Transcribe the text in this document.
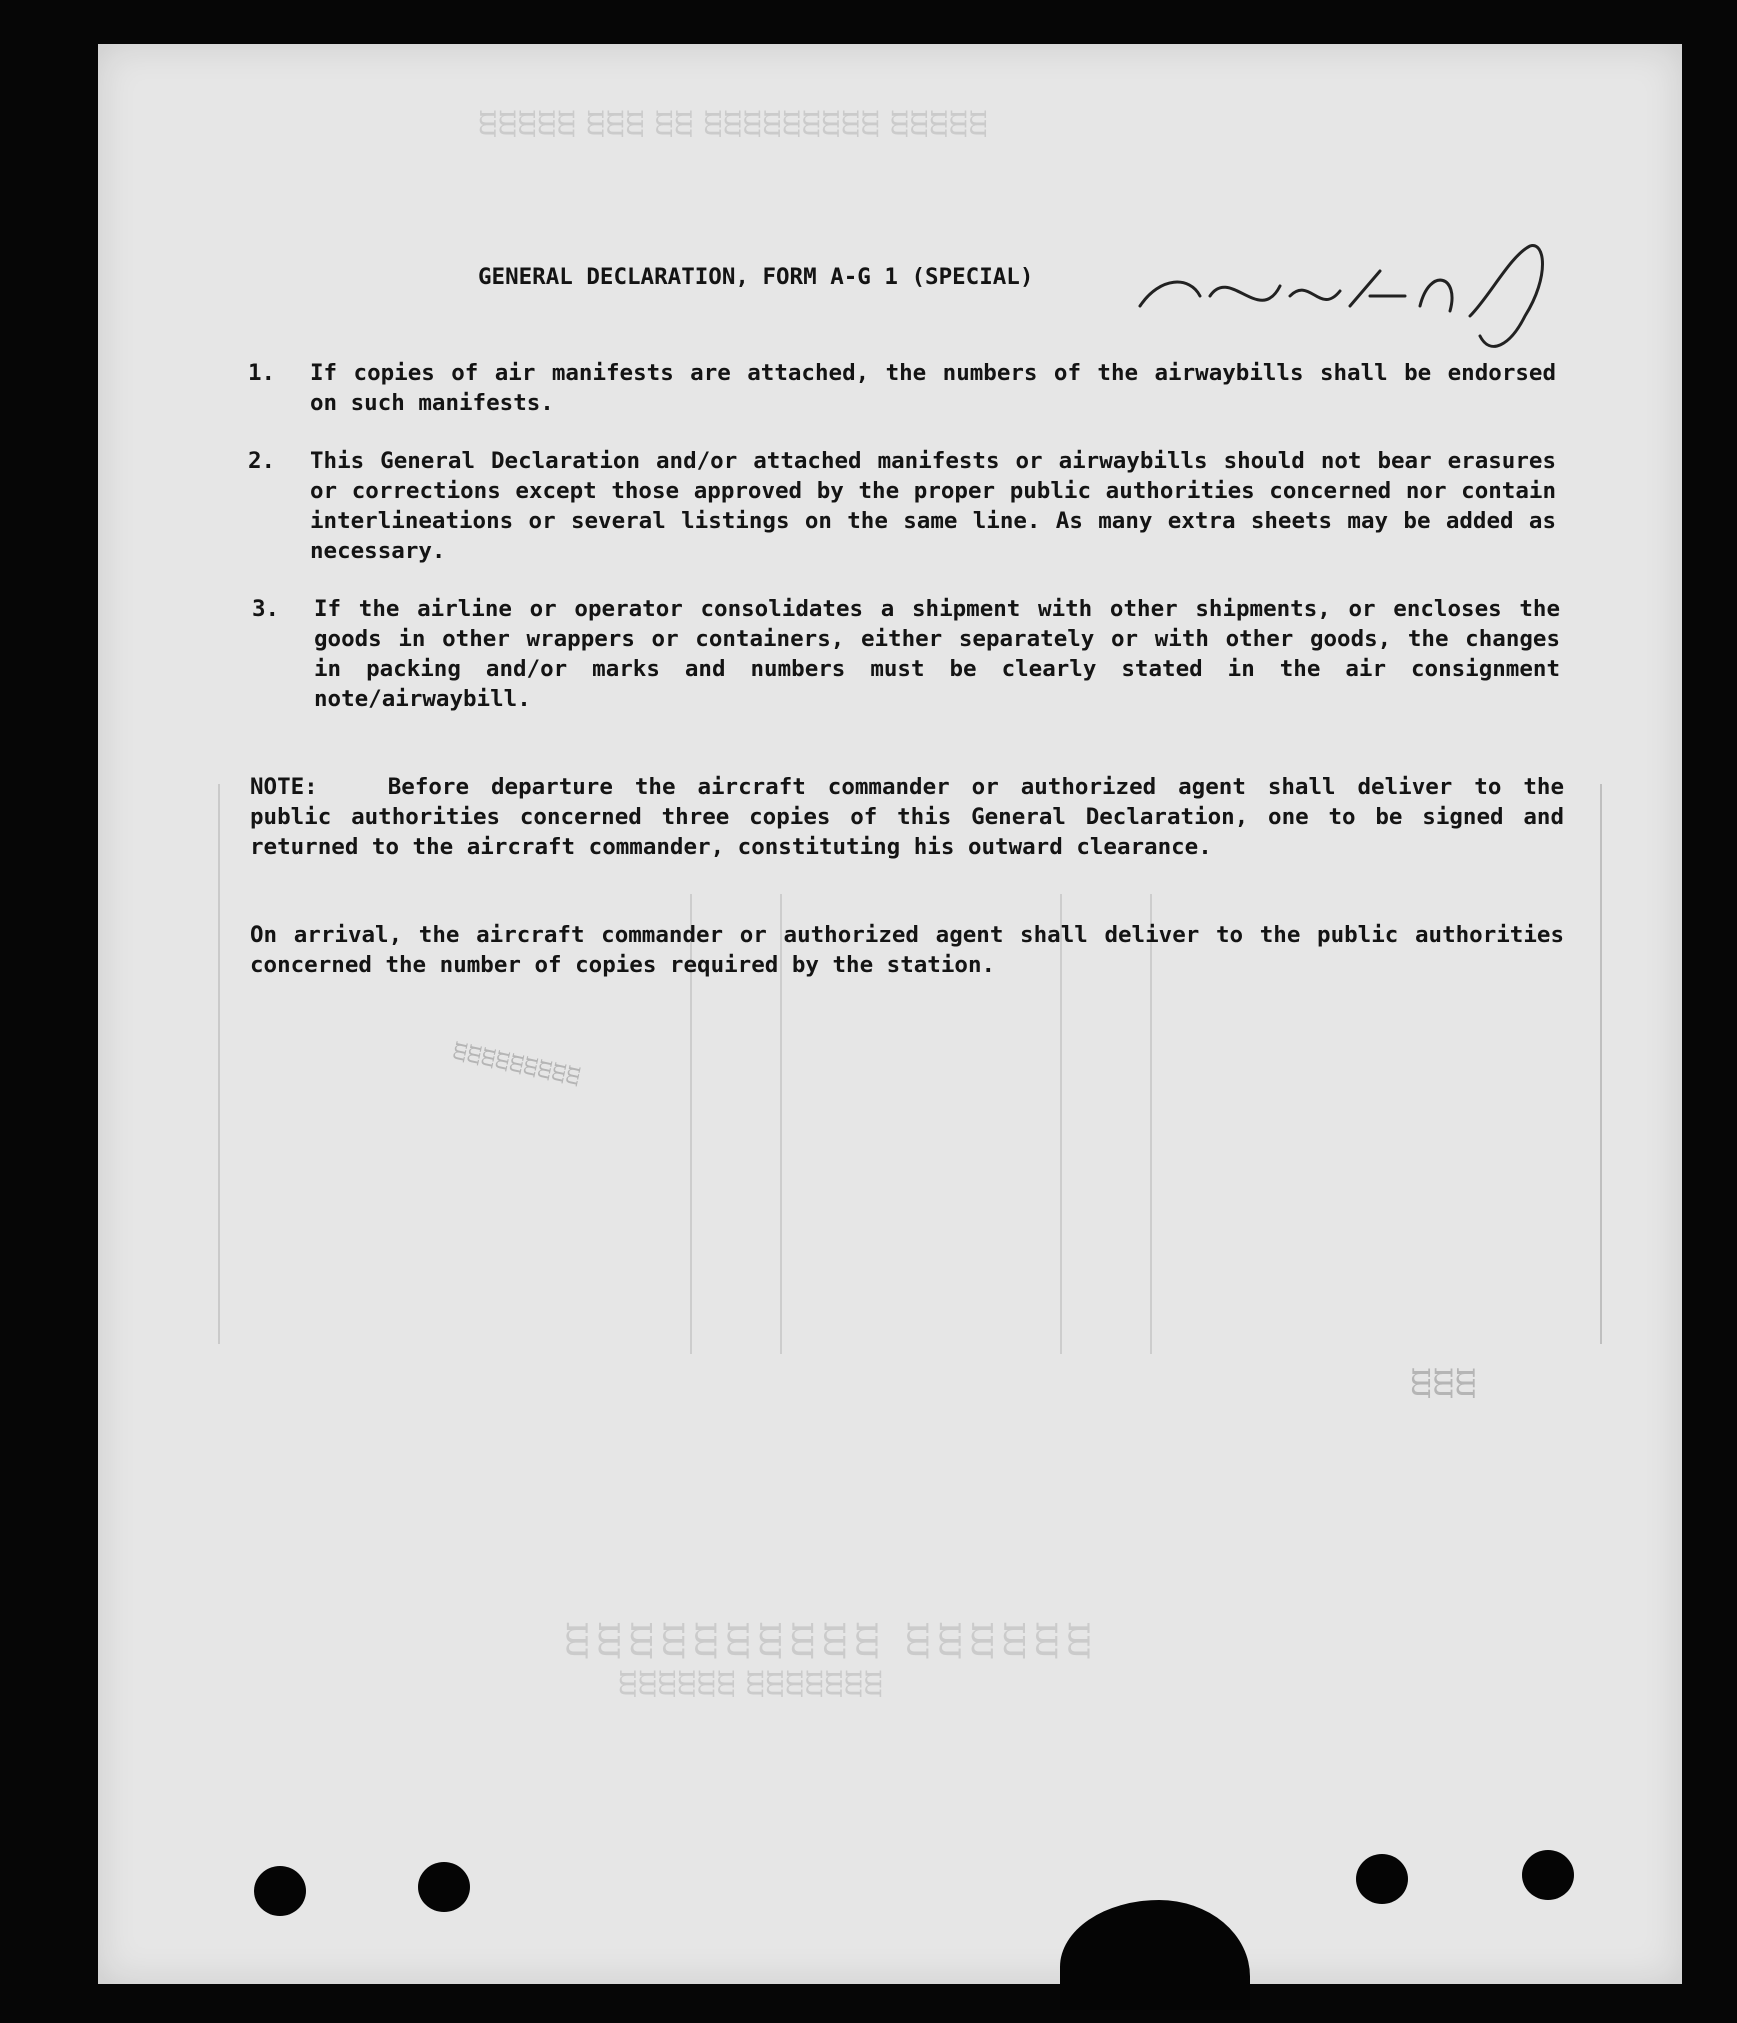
ᴟᴟᴟᴟᴟ ᴟᴟᴟᴟᴟᴟᴟᴟᴟ ᴟᴟ ᴟᴟᴟ ᴟᴟᴟᴟᴟ
ᴟᴟᴟᴟᴟᴟ ᴟᴟᴟᴟᴟᴟᴟᴟᴟᴟ
ᴟᴟᴟᴟᴟᴟᴟ ᴟᴟᴟᴟᴟᴟ
GENERAL DECLARATION, FORM A-G 1 (SPECIAL)
1. If copies of air manifests are attached, the numbers of the airwaybills shall be endorsed on such manifests.
2. This General Declaration and/or attached manifests or airwaybills should not bear erasures or corrections except those approved by the proper public authorities concerned nor contain interlineations or several listings on the same line. As many extra sheets may be added as necessary.
3. If the airline or operator consolidates a shipment with other shipments, or encloses the goods in other wrappers or containers, either separately or with other goods, the changes in packing and/or marks and numbers must be clearly stated in the air consignment note/airwaybill.
NOTE:	Before departure the aircraft commander or authorized agent shall deliver to the public authorities concerned three copies of this General Declaration, one to be signed and returned to the aircraft commander, constituting his outward clearance.
On arrival, the aircraft commander or authorized agent shall deliver to the public authorities concerned the number of copies required by the station.
ᴟᴟᴟᴟᴟᴟᴟᴟᴟ
ᴟᴟᴟ
